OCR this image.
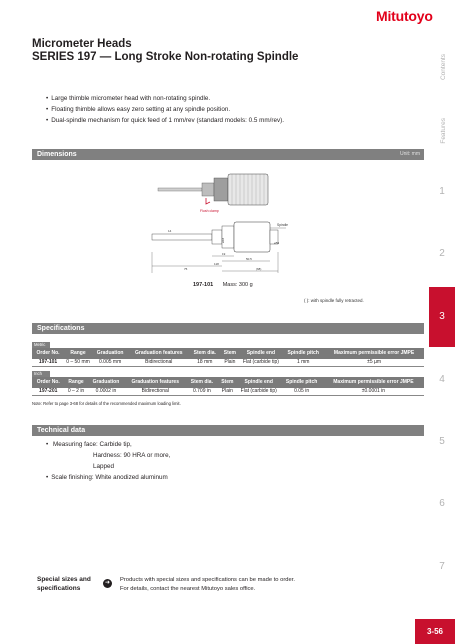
Mitutoyo
Micrometer Heads
SERIES 197 — Long Stroke Non-rotating Spindle	Contents
Features
1
2
3
4
5
6
7
• Large thimble micrometer head with non-rotating spindle.
• Floating thimble allows easy zero setting at any spindle position.
• Dual-spindle mechanism for quick feed of 1 mm/rev (standard models: 0.5 mm/rev).
Dimensions	Unit: mm
Flush clamp
Spindle
14
ø18	ø53
19
50.5
118
75	(68)
197-101 Mass: 300 g
( ): with spindle fully retracted.
Specifications
Metric
Order No.	Range	Graduation	Graduation features	Stem dia.	Stem	Spindle end	Spindle pitch	Maximum permissible error JMPE
197-101	0 – 50 mm	0.005 mm	Bidirectional	18 mm	Plain	Flat (carbide tip)	1 mm	±5 µm
Inch
Order No.	Range	Graduation	Graduation features	Stem dia.	Stem	Spindle end	Spindle pitch	Maximum permissible error JMPE
197-201	0 – 2 in	0.0002 in	Bidirectional	0.709 in	Plain	Flat (carbide tip)	0.05 in	±0.0001 in
Note: Refer to page 3-68 for details of the recommended maximum loading limit.
Technical data
• Measuring face: Carbide tip,
Hardness: 90 HRA or more,
Lapped
• Scale finishing: White anodized aluminum
Special sizes and
specifications
➜	Products with special sizes and specifications can be made to order.
For details, contact the nearest Mitutoyo sales office.
3-56
